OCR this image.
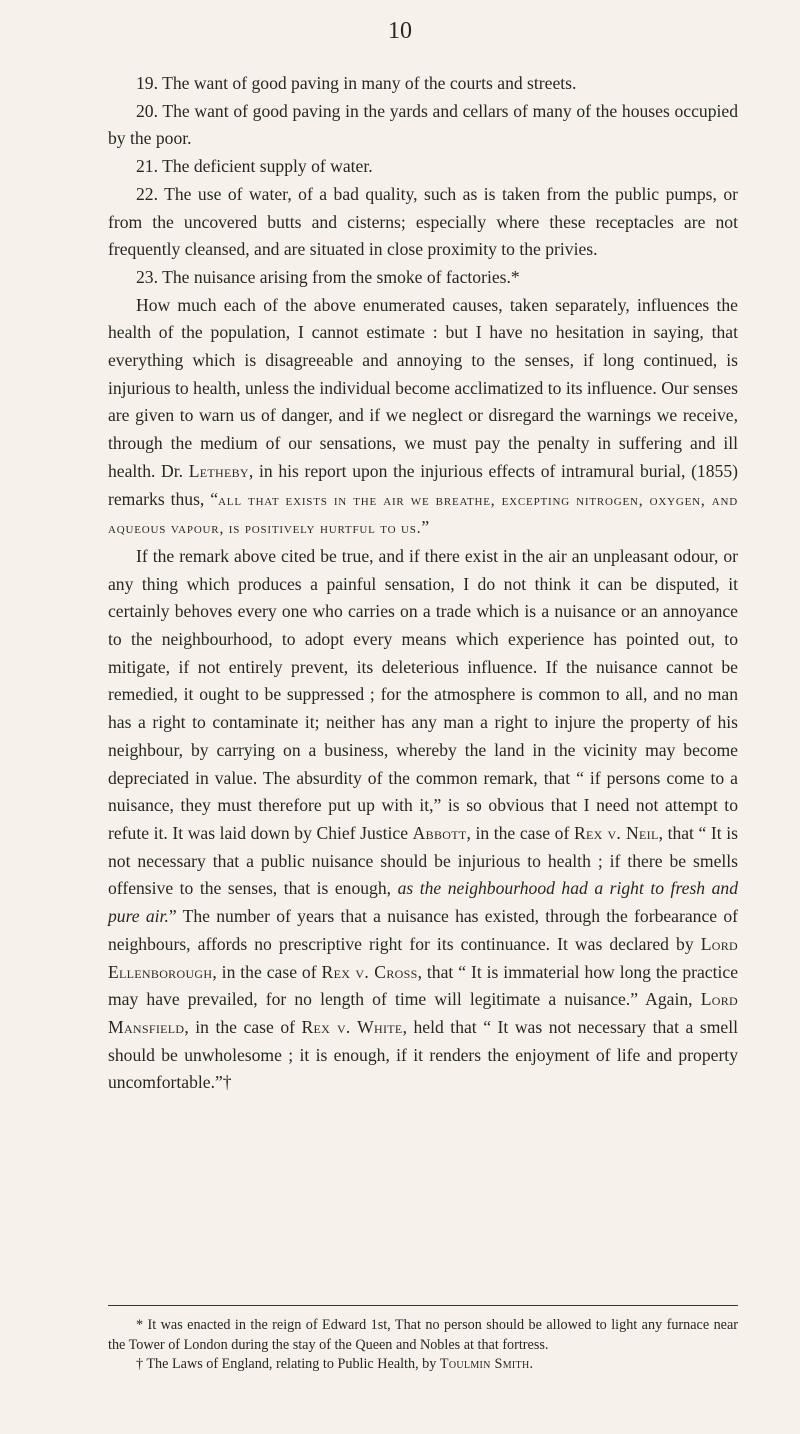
10

19. The want of good paving in many of the courts and streets.

20. The want of good paving in the yards and cellars of many of the houses occupied by the poor.

21. The deficient supply of water.

22. The use of water, of a bad quality, such as is taken from the public pumps, or from the uncovered butts and cisterns; especially where these receptacles are not frequently cleansed, and are situated in close proximity to the privies.

23. The nuisance arising from the smoke of factories.*

How much each of the above enumerated causes, taken separately, influences the health of the population, I cannot estimate : but I have no hesitation in saying, that everything which is disagreeable and annoying to the senses, if long continued, is injurious to health, unless the individual become acclimatized to its influence. Our senses are given to warn us of danger, and if we neglect or disregard the warnings we receive, through the medium of our sensations, we must pay the penalty in suffering and ill health. Dr. Letheby, in his report upon the injurious effects of intramural burial, (1855) remarks thus, “all that exists in the air we breathe, excepting nitrogen, oxygen, and aqueous vapour, is positively hurtful to us.”

If the remark above cited be true, and if there exist in the air an unpleasant odour, or any thing which produces a painful sensation, I do not think it can be disputed, it certainly behoves every one who carries on a trade which is a nuisance or an annoyance to the neighbourhood, to adopt every means which experience has pointed out, to mitigate, if not entirely prevent, its deleterious influence. If the nuisance cannot be remedied, it ought to be suppressed ; for the atmosphere is common to all, and no man has a right to contaminate it; neither has any man a right to injure the property of his neighbour, by carrying on a business, whereby the land in the vicinity may become depreciated in value. The absurdity of the common remark, that “ if persons come to a nuisance, they must therefore put up with it,” is so obvious that I need not attempt to refute it. It was laid down by Chief Justice Abbott, in the case of Rex v. Neil, that “ It is not necessary that a public nuisance should be injurious to health ; if there be smells offensive to the senses, that is enough, as the neighbourhood had a right to fresh and pure air.” The number of years that a nuisance has existed, through the forbearance of neighbours, affords no prescriptive right for its continuance. It was declared by Lord Ellenborough, in the case of Rex v. Cross, that “ It is immaterial how long the practice may have prevailed, for no length of time will legitimate a nuisance.” Again, Lord Mansfield, in the case of Rex v. White, held that “ It was not necessary that a smell should be unwholesome ; it is enough, if it renders the enjoyment of life and property uncomfortable.”†

* It was enacted in the reign of Edward 1st, That no person should be allowed to light any furnace near the Tower of London during the stay of the Queen and Nobles at that fortress.

† The Laws of England, relating to Public Health, by Toulmin Smith.
